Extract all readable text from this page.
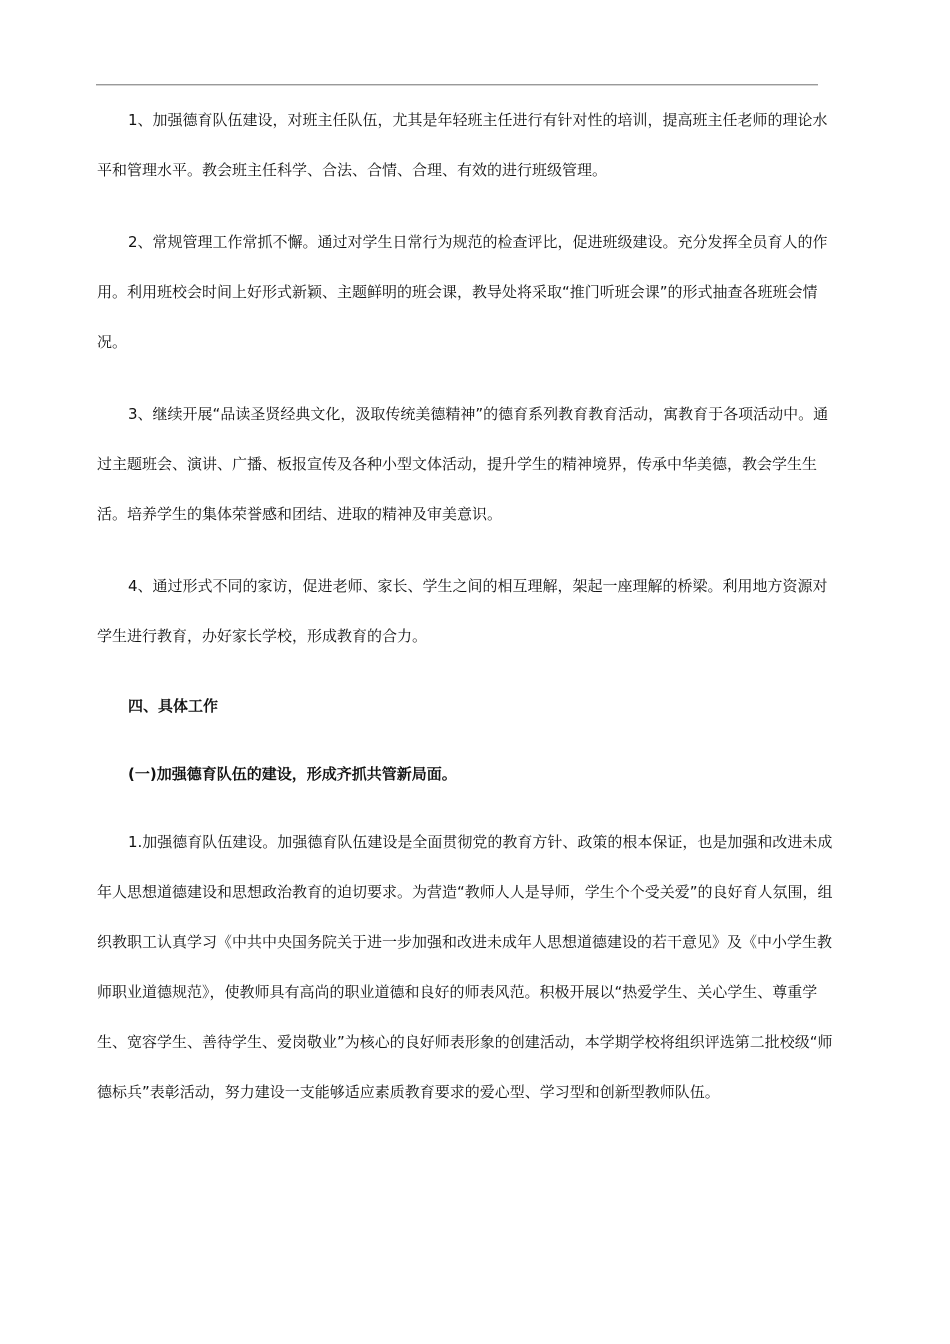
1、加强德育队伍建设，对班主任队伍，尤其是年轻班主任进行有针对性的培训，提高班主任老师的理论水平和管理水平。教会班主任科学、合法、合情、合理、有效的进行班级管理。

2、常规管理工作常抓不懈。通过对学生日常行为规范的检查评比，促进班级建设。充分发挥全员育人的作用。利用班校会时间上好形式新颖、主题鲜明的班会课，教导处将采取“推门听班会课”的形式抽查各班班会情况。

3、继续开展“品读圣贤经典文化，汲取传统美德精神”的德育系列教育教育活动，寓教育于各项活动中。通过主题班会、演讲、广播、板报宣传及各种小型文体活动，提升学生的精神境界，传承中华美德，教会学生生活。培养学生的集体荣誉感和团结、进取的精神及审美意识。

4、通过形式不同的家访，促进老师、家长、学生之间的相互理解，架起一座理解的桥梁。利用地方资源对学生进行教育，办好家长学校，形成教育的合力。

四、具体工作

(一)加强德育队伍的建设，形成齐抓共管新局面。

1.加强德育队伍建设。加强德育队伍建设是全面贯彻党的教育方针、政策的根本保证，也是加强和改进未成年人思想道德建设和思想政治教育的迫切要求。为营造“教师人人是导师，学生个个受关爱”的良好育人氛围，组织教职工认真学习《中共中央国务院关于进一步加强和改进未成年人思想道德建设的若干意见》及《中小学生教师职业道德规范》，使教师具有高尚的职业道德和良好的师表风范。积极开展以“热爱学生、关心学生、尊重学生、宽容学生、善待学生、爱岗敬业”为核心的良好师表形象的创建活动，本学期学校将组织评选第二批校级“师德标兵”表彰活动，努力建设一支能够适应素质教育要求的爱心型、学习型和创新型教师队伍。
